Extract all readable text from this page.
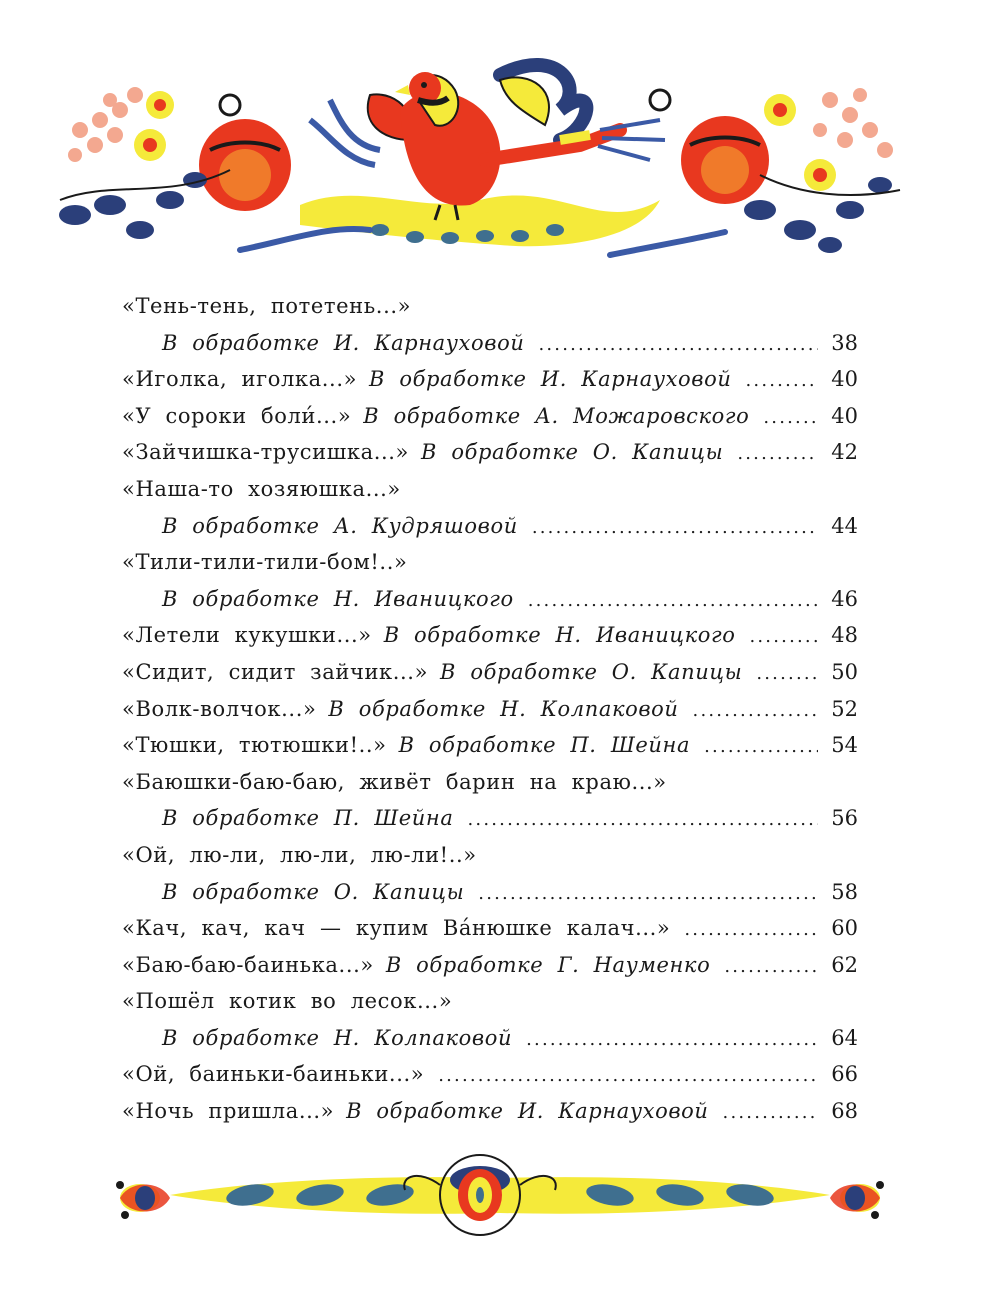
«Тень-тень, потетень...»
В обработке И. Карнауховой .....	38
«Иголка, иголка...» В обработке И. Карнауховой .....	40
«У сороки боли́...» В обработке А. Можаровского .....	40
«Зайчишка-трусишка...» В обработке О. Капицы .....	42
«Наша-то хозяюшка...»
В обработке А. Кудряшовой .....	44
«Тили-тили-тили-бом!..»
В обработке Н. Иваницкого .....	46
«Летели кукушки...» В обработке Н. Иваницкого .....	48
«Сидит, сидит зайчик...» В обработке О. Капицы .....	50
«Волк-волчок...» В обработке Н. Колпаковой .....	52
«Тюшки, тютюшки!..» В обработке П. Шейна .....	54
«Баюшки-баю-баю, живёт барин на краю...»
В обработке П. Шейна .....	56
«Ой, лю-ли, лю-ли, лю-ли!..»
В обработке О. Капицы .....	58
«Кач, кач, кач — купим Ва́нюшке калач...» .....	60
«Баю-баю-баинька...» В обработке Г. Науменко .....	62
«Пошёл котик во лесок...»
В обработке Н. Колпаковой .....	64
«Ой, баиньки-баиньки...» .....	66
«Ночь пришла...» В обработке И. Карнауховой .....	68
